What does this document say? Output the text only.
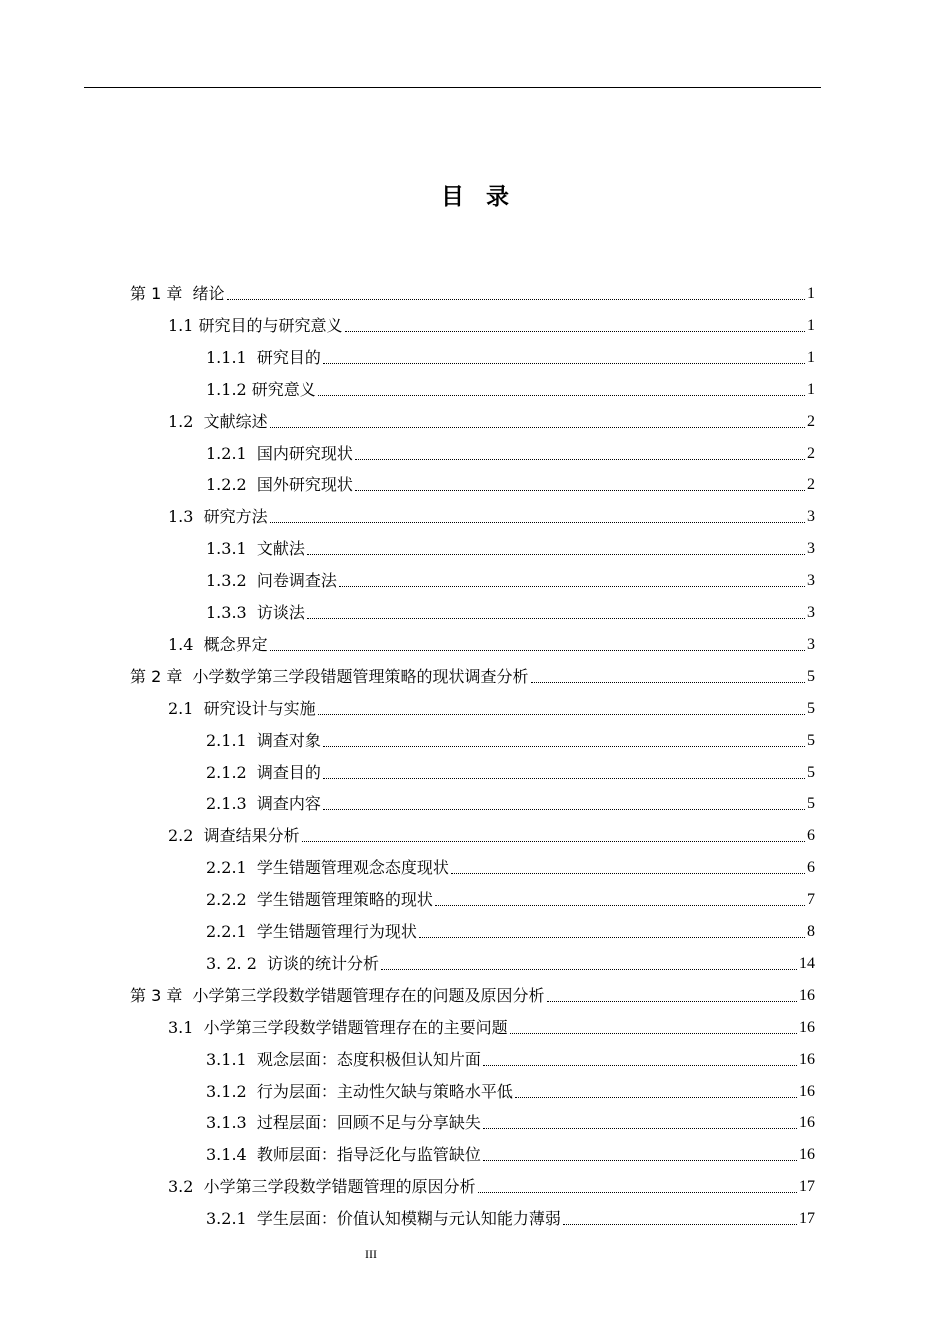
目录
第 1 章  绪论	1
1.1 研究目的与研究意义	1
1.1.1  研究目的	1
1.1.2 研究意义	1
1.2  文献综述	2
1.2.1  国内研究现状	2
1.2.2  国外研究现状	2
1.3  研究方法	3
1.3.1  文献法	3
1.3.2  问卷调查法	3
1.3.3  访谈法	3
1.4  概念界定	3
第 2 章  小学数学第三学段错题管理策略的现状调查分析	5
2.1  研究设计与实施	5
2.1.1  调查对象	5
2.1.2  调查目的	5
2.1.3  调查内容	5
2.2  调查结果分析	6
2.2.1  学生错题管理观念态度现状	6
2.2.2  学生错题管理策略的现状	7
2.2.1  学生错题管理行为现状	8
3. 2. 2  访谈的统计分析	14
第 3 章  小学第三学段数学错题管理存在的问题及原因分析	16
3.1  小学第三学段数学错题管理存在的主要问题	16
3.1.1  观念层面：态度积极但认知片面	16
3.1.2  行为层面：主动性欠缺与策略水平低	16
3.1.3  过程层面：回顾不足与分享缺失	16
3.1.4  教师层面：指导泛化与监管缺位	16
3.2  小学第三学段数学错题管理的原因分析	17
3.2.1  学生层面：价值认知模糊与元认知能力薄弱	17
III
